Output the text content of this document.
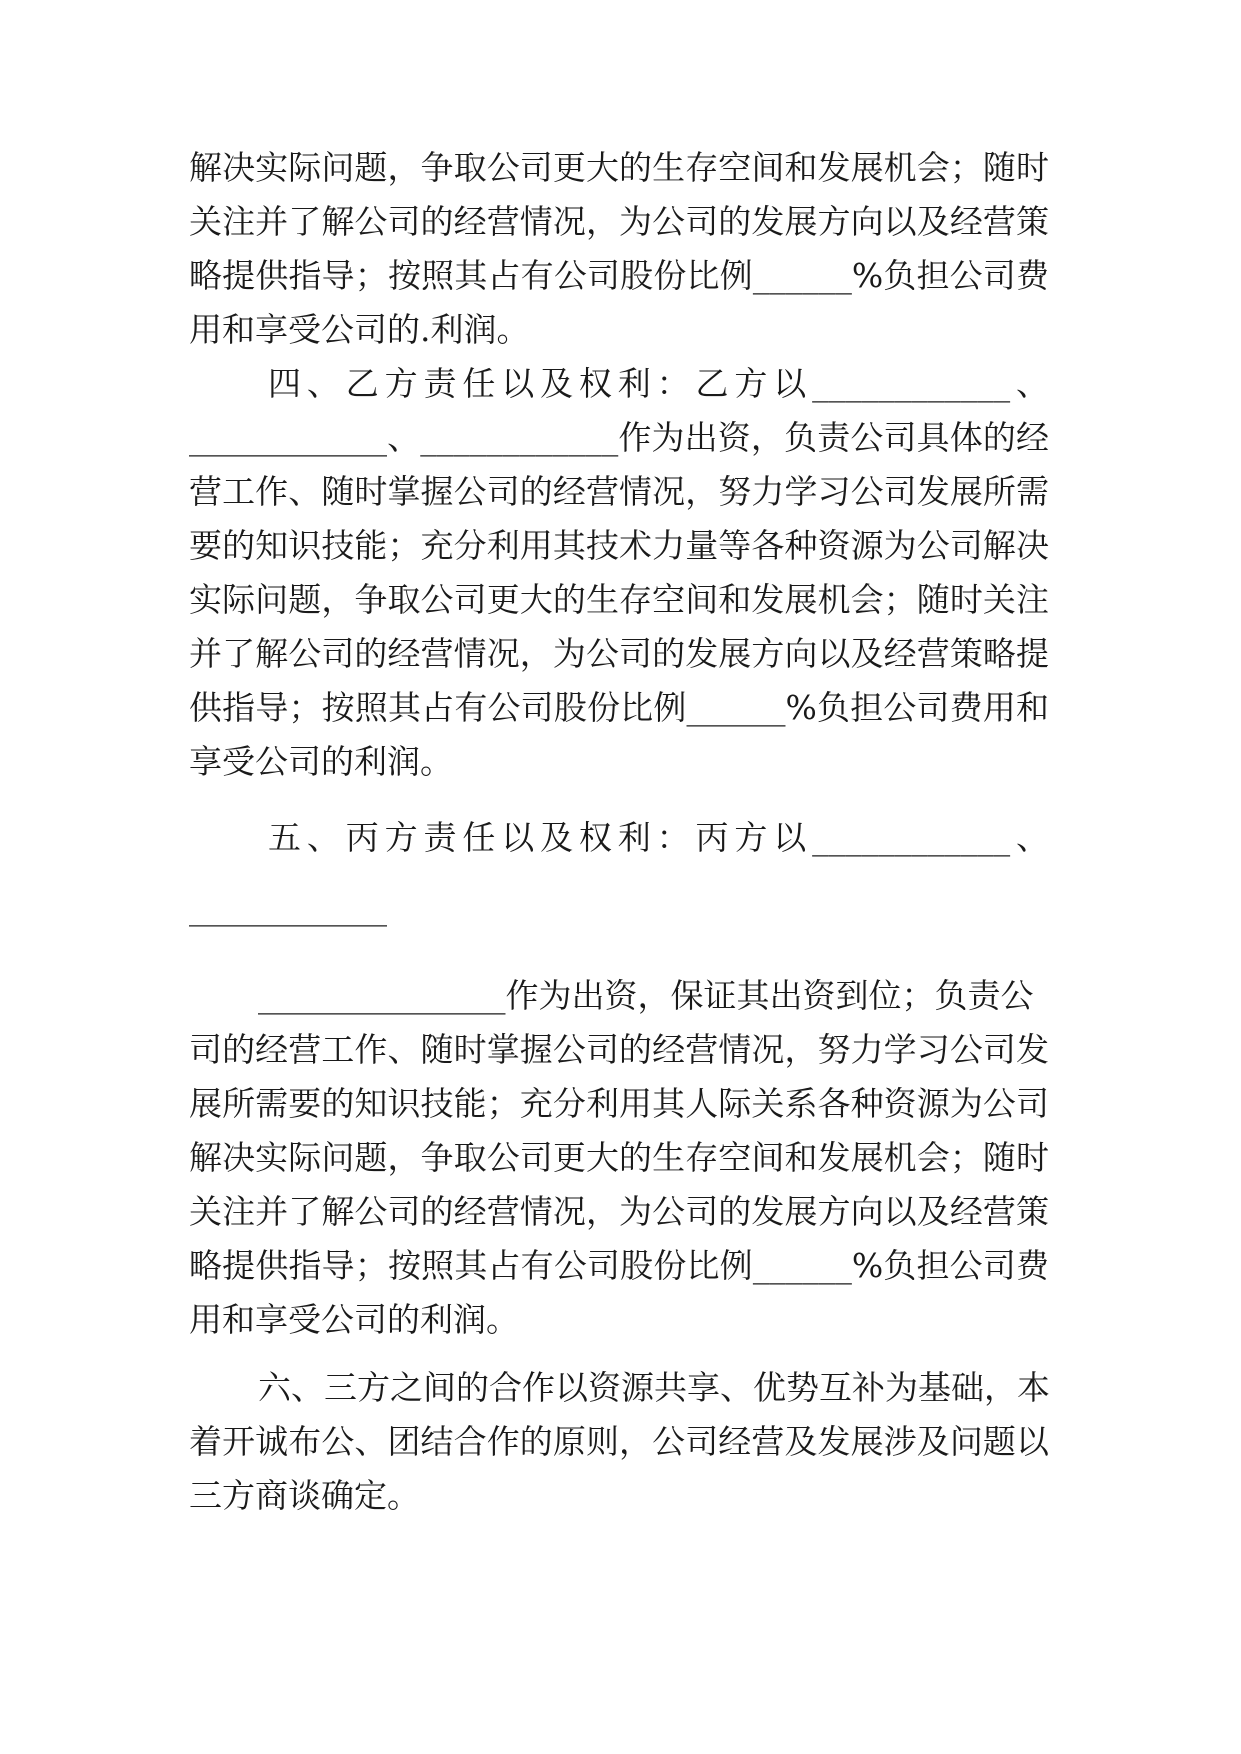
解决实际问题，争取公司更大的生存空间和发展机会；随时
关注并了解公司的经营情况，为公司的发展方向以及经营策
略提供指导；按照其占有公司股份比例______%负担公司费
用和享受公司的.利润。
四、乙方责任以及权利：乙方以____________、
____________、____________作为出资，负责公司具体的经
营工作、随时掌握公司的经营情况，努力学习公司发展所需
要的知识技能；充分利用其技术力量等各种资源为公司解决
实际问题，争取公司更大的生存空间和发展机会；随时关注
并了解公司的经营情况，为公司的发展方向以及经营策略提
供指导；按照其占有公司股份比例______%负担公司费用和
享受公司的利润。
五、丙方责任以及权利：丙方以____________、
____________
_______________作为出资，保证其出资到位；负责公
司的经营工作、随时掌握公司的经营情况，努力学习公司发
展所需要的知识技能；充分利用其人际关系各种资源为公司
解决实际问题，争取公司更大的生存空间和发展机会；随时
关注并了解公司的经营情况，为公司的发展方向以及经营策
略提供指导；按照其占有公司股份比例______%负担公司费
用和享受公司的利润。
六、三方之间的合作以资源共享、优势互补为基础，本
着开诚布公、团结合作的原则，公司经营及发展涉及问题以
三方商谈确定。
